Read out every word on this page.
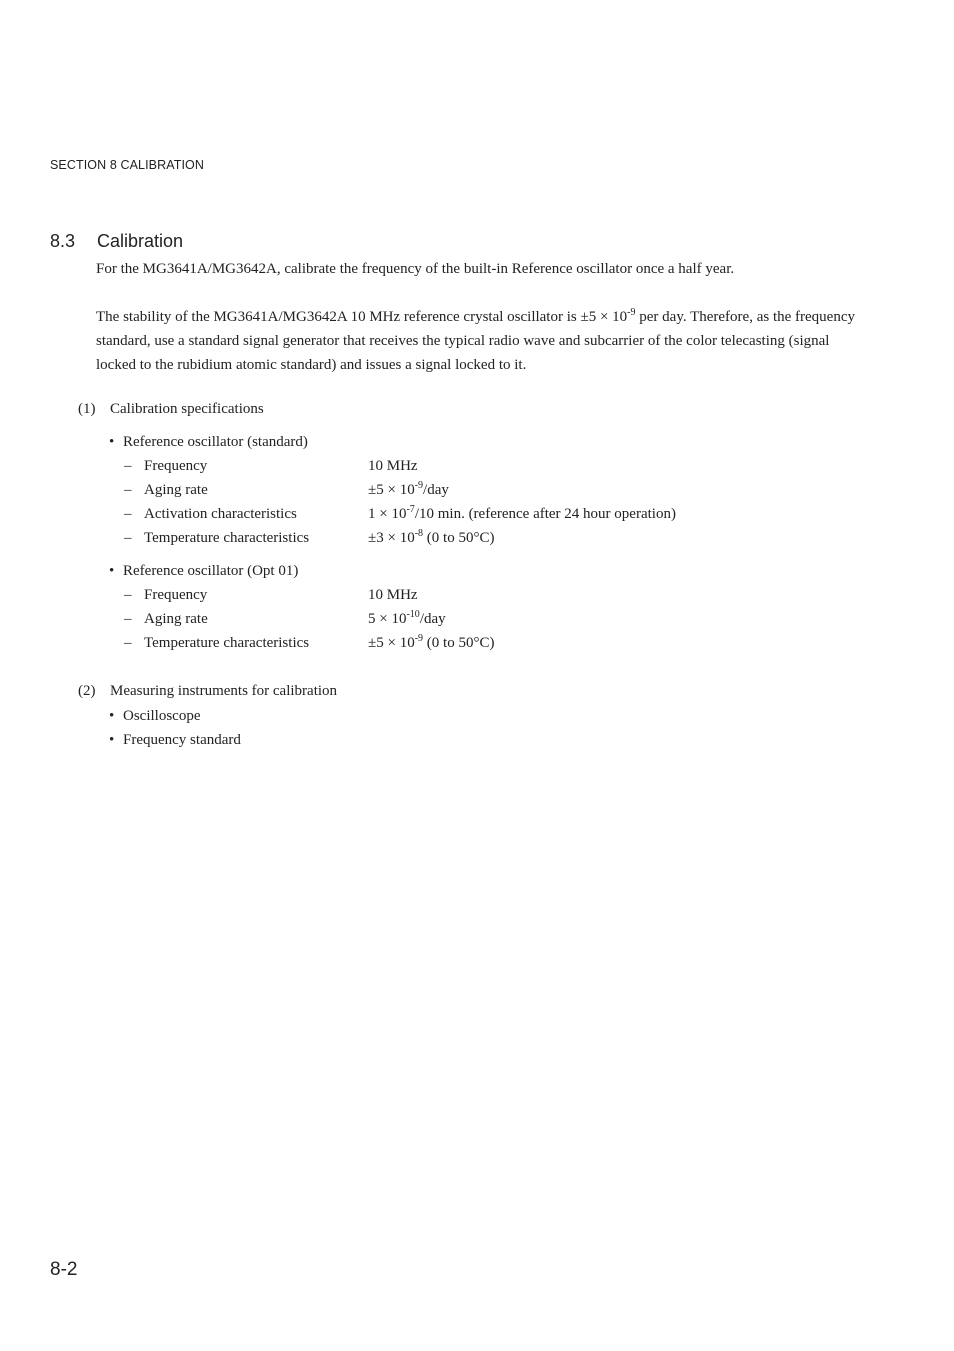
SECTION 8 CALIBRATION
8.3 Calibration
For the MG3641A/MG3642A, calibrate the frequency of the built-in Reference oscillator once a half year.
The stability of the MG3641A/MG3642A 10 MHz reference crystal oscillator is $\pm 5 \times 10^{-9}$ per day. Therefore, as the frequency standard, use a standard signal generator that receives the typical radio wave and subcarrier of the color telecasting (signal locked to the rubidium atomic standard) and issues a signal locked to it.
(1) Calibration specifications
• Reference oscillator (standard)
– Frequency	10 MHz
– Aging rate	$\pm 5 \times 10^{-9}$/day
– Activation characteristics	$1 \times 10^{-7}/10$ min. (reference after 24 hour operation)
– Temperature characteristics	$\pm 3 \times 10^{-8}$ (0 to 50°C)
• Reference oscillator (Opt 01)
– Frequency	10 MHz
– Aging rate	$5 \times 10^{-10}$/day
– Temperature characteristics	$\pm 5 \times 10^{-9}$ (0 to 50°C)
(2) Measuring instruments for calibration
• Oscilloscope
• Frequency standard
8-2
